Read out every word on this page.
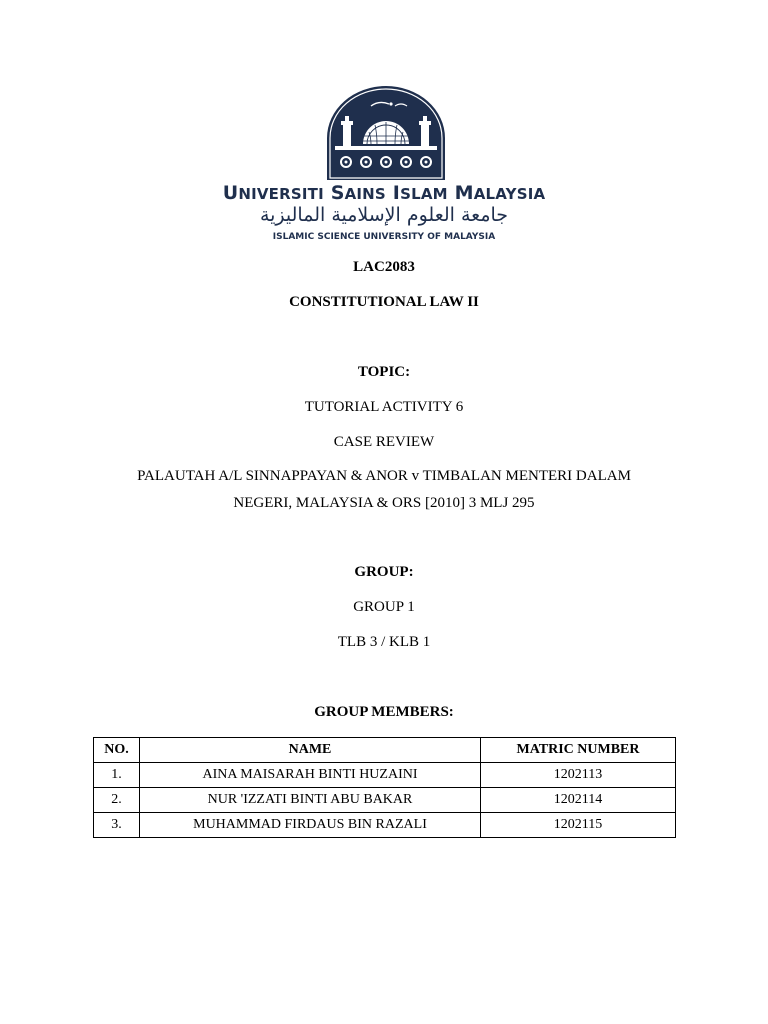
UNIVERSITI SAINS ISLAM MALAYSIA
جامعة العلوم الإسلامية الماليزية
ISLAMIC SCIENCE UNIVERSITY OF MALAYSIA
LAC2083
CONSTITUTIONAL LAW II
TOPIC:
TUTORIAL ACTIVITY 6
CASE REVIEW
PALAUTAH A/L SINNAPPAYAN & ANOR v TIMBALAN MENTERI DALAM
NEGERI, MALAYSIA & ORS [2010] 3 MLJ 295
GROUP:
GROUP 1
TLB 3 / KLB 1
GROUP MEMBERS:
NO.	NAME	MATRIC NUMBER
1.	AINA MAISARAH BINTI HUZAINI	1202113
2.	NUR 'IZZATI BINTI ABU BAKAR	1202114
3.	MUHAMMAD FIRDAUS BIN RAZALI	1202115
